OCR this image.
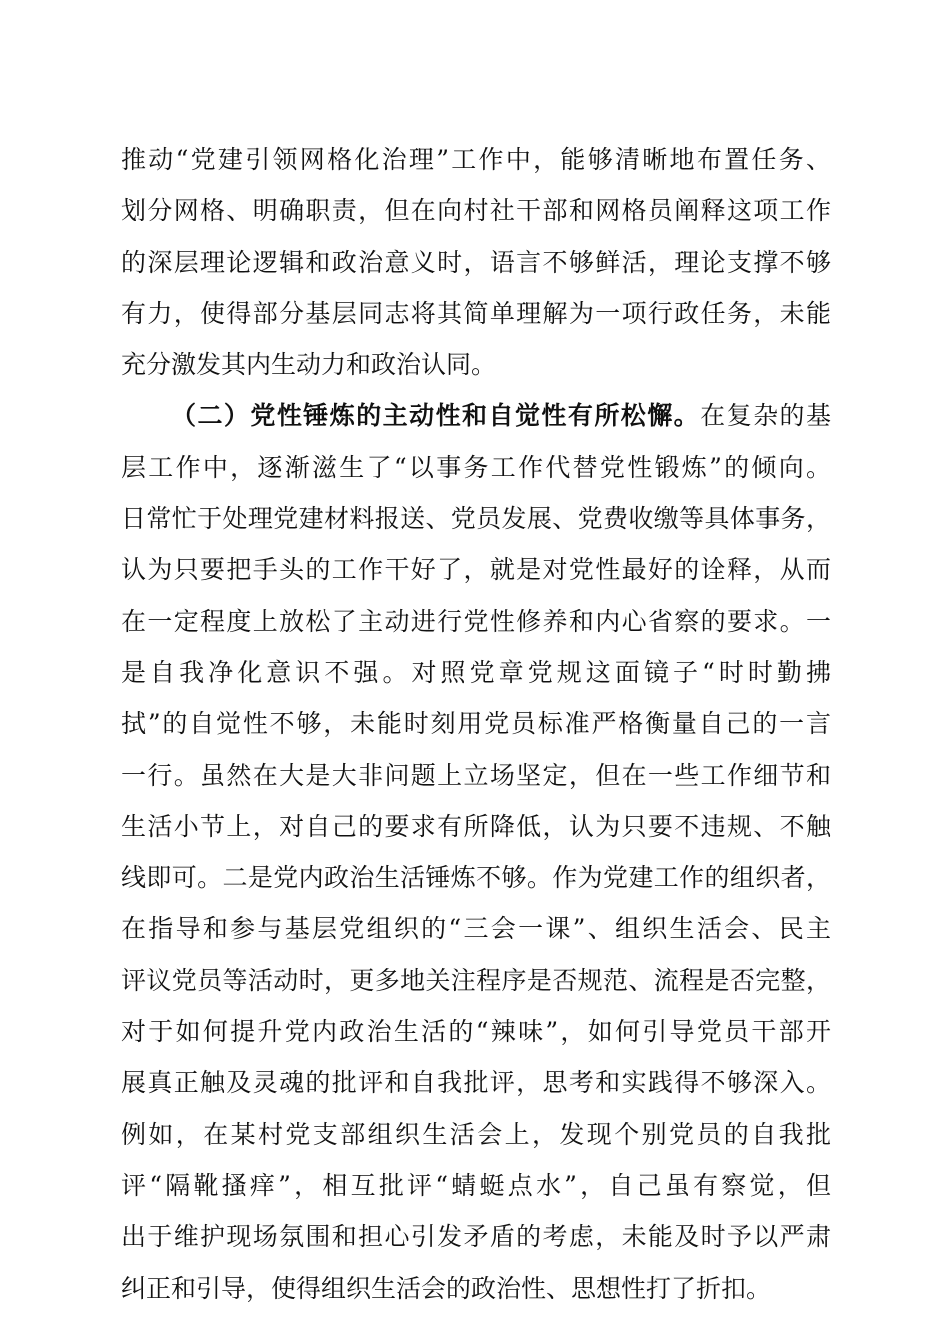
推动“党建引领网格化治理”工作中，能够清晰地布置任务、
划分网格、明确职责，但在向村社干部和网格员阐释这项工作
的深层理论逻辑和政治意义时，语言不够鲜活，理论支撑不够
有力，使得部分基层同志将其简单理解为一项行政任务，未能
充分激发其内生动力和政治认同。
（二）党性锤炼的主动性和自觉性有所松懈。在复杂的基
层工作中，逐渐滋生了“以事务工作代替党性锻炼”的倾向。
日常忙于处理党建材料报送、党员发展、党费收缴等具体事务，
认为只要把手头的工作干好了，就是对党性最好的诠释，从而
在一定程度上放松了主动进行党性修养和内心省察的要求。一
是自我净化意识不强。对照党章党规这面镜子“时时勤拂
拭”的自觉性不够，未能时刻用党员标准严格衡量自己的一言
一行。虽然在大是大非问题上立场坚定，但在一些工作细节和
生活小节上，对自己的要求有所降低，认为只要不违规、不触
线即可。二是党内政治生活锤炼不够。作为党建工作的组织者，
在指导和参与基层党组织的“三会一课”、组织生活会、民主
评议党员等活动时，更多地关注程序是否规范、流程是否完整，
对于如何提升党内政治生活的“辣味”，如何引导党员干部开
展真正触及灵魂的批评和自我批评，思考和实践得不够深入。
例如，在某村党支部组织生活会上，发现个别党员的自我批
评“隔靴搔痒”，相互批评“蜻蜓点水”，自己虽有察觉，但
出于维护现场氛围和担心引发矛盾的考虑，未能及时予以严肃
纠正和引导，使得组织生活会的政治性、思想性打了折扣。
